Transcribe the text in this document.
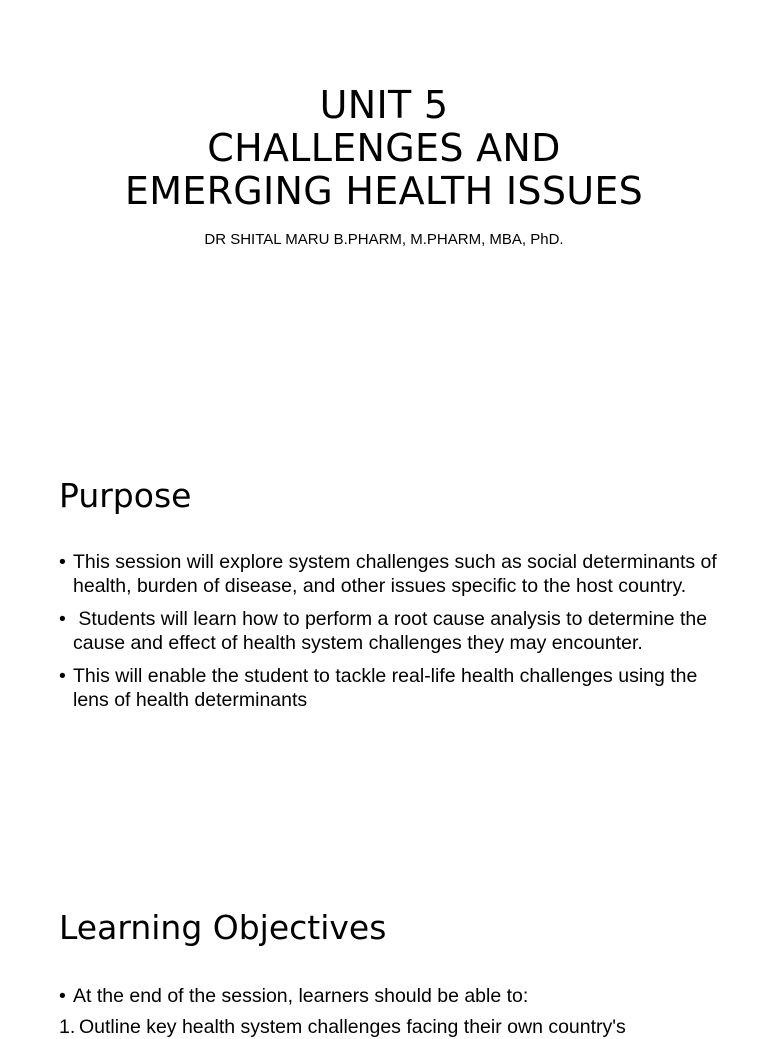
UNIT 5
CHALLENGES AND
EMERGING HEALTH ISSUES
DR SHITAL MARU B.PHARM, M.PHARM, MBA, PhD.
Purpose
• This session will explore system challenges such as social determinants of health, burden of disease, and other issues specific to the host country.
• Students will learn how to perform a root cause analysis to determine the cause and effect of health system challenges they may encounter.
• This will enable the student to tackle real-life health challenges using the lens of health determinants
Learning Objectives
• At the end of the session, learners should be able to:
1. Outline key health system challenges facing their own country's
